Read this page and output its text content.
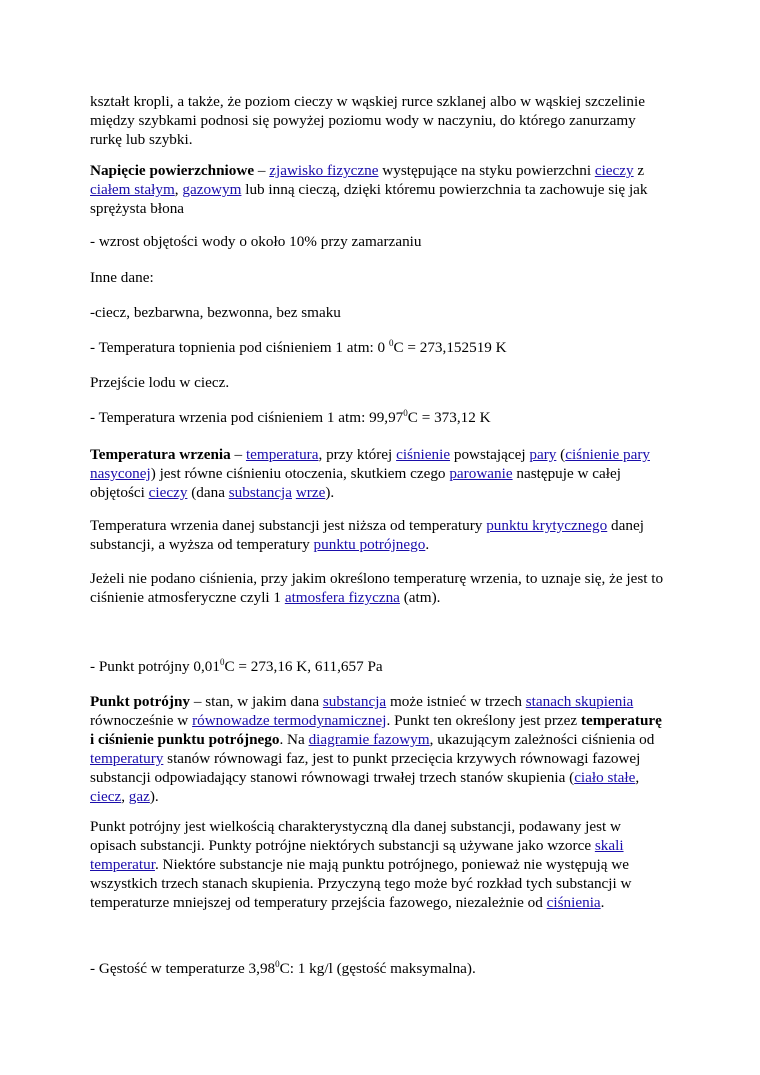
kształt kropli, a także, że poziom cieczy w wąskiej rurce szklanej albo w wąskiej szczelinie
między szybkami podnosi się powyżej poziomu wody w naczyniu, do którego zanurzamy
rurkę lub szybki.
Napięcie powierzchniowe – zjawisko fizyczne występujące na styku powierzchni cieczy z
ciałem stałym, gazowym lub inną cieczą, dzięki któremu powierzchnia ta zachowuje się jak
sprężysta błona
- wzrost objętości wody o około 10% przy zamarzaniu
Inne dane:
-ciecz, bezbarwna, bezwonna, bez smaku
- Temperatura topnienia pod ciśnieniem 1 atm: 0 $^0$C = 273,152519 K
Przejście lodu w ciecz.
- Temperatura wrzenia pod ciśnieniem 1 atm: $99,97^0C = 373,12$ K
Temperatura wrzenia – temperatura, przy której ciśnienie powstającej pary (ciśnienie pary
nasyconej) jest równe ciśnieniu otoczenia, skutkiem czego parowanie następuje w całej
objętości cieczy (dana substancja wrze).
Temperatura wrzenia danej substancji jest niższa od temperatury punktu krytycznego danej
substancji, a wyższa od temperatury punktu potrójnego.
Jeżeli nie podano ciśnienia, przy jakim określono temperaturę wrzenia, to uznaje się, że jest to
ciśnienie atmosferyczne czyli 1 atmosfera fizyczna (atm).
- Punkt potrójny $0,01^0C = 273,16$ K, 611,657 Pa
Punkt potrójny – stan, w jakim dana substancja może istnieć w trzech stanach skupienia
równocześnie w równowadze termodynamicznej. Punkt ten określony jest przez temperaturę
i ciśnienie punktu potrójnego. Na diagramie fazowym, ukazującym zależności ciśnienia od
temperatury stanów równowagi faz, jest to punkt przecięcia krzywych równowagi fazowej
substancji odpowiadający stanowi równowagi trwałej trzech stanów skupienia (ciało stałe,
ciecz, gaz).
Punkt potrójny jest wielkością charakterystyczną dla danej substancji, podawany jest w
opisach substancji. Punkty potrójne niektórych substancji są używane jako wzorce skali
temperatur. Niektóre substancje nie mają punktu potrójnego, ponieważ nie występują we
wszystkich trzech stanach skupienia. Przyczyną tego może być rozkład tych substancji w
temperaturze mniejszej od temperatury przejścia fazowego, niezależnie od ciśnienia.
- Gęstość w temperaturze 3,98$^0$C: 1 kg/l (gęstość maksymalna).
